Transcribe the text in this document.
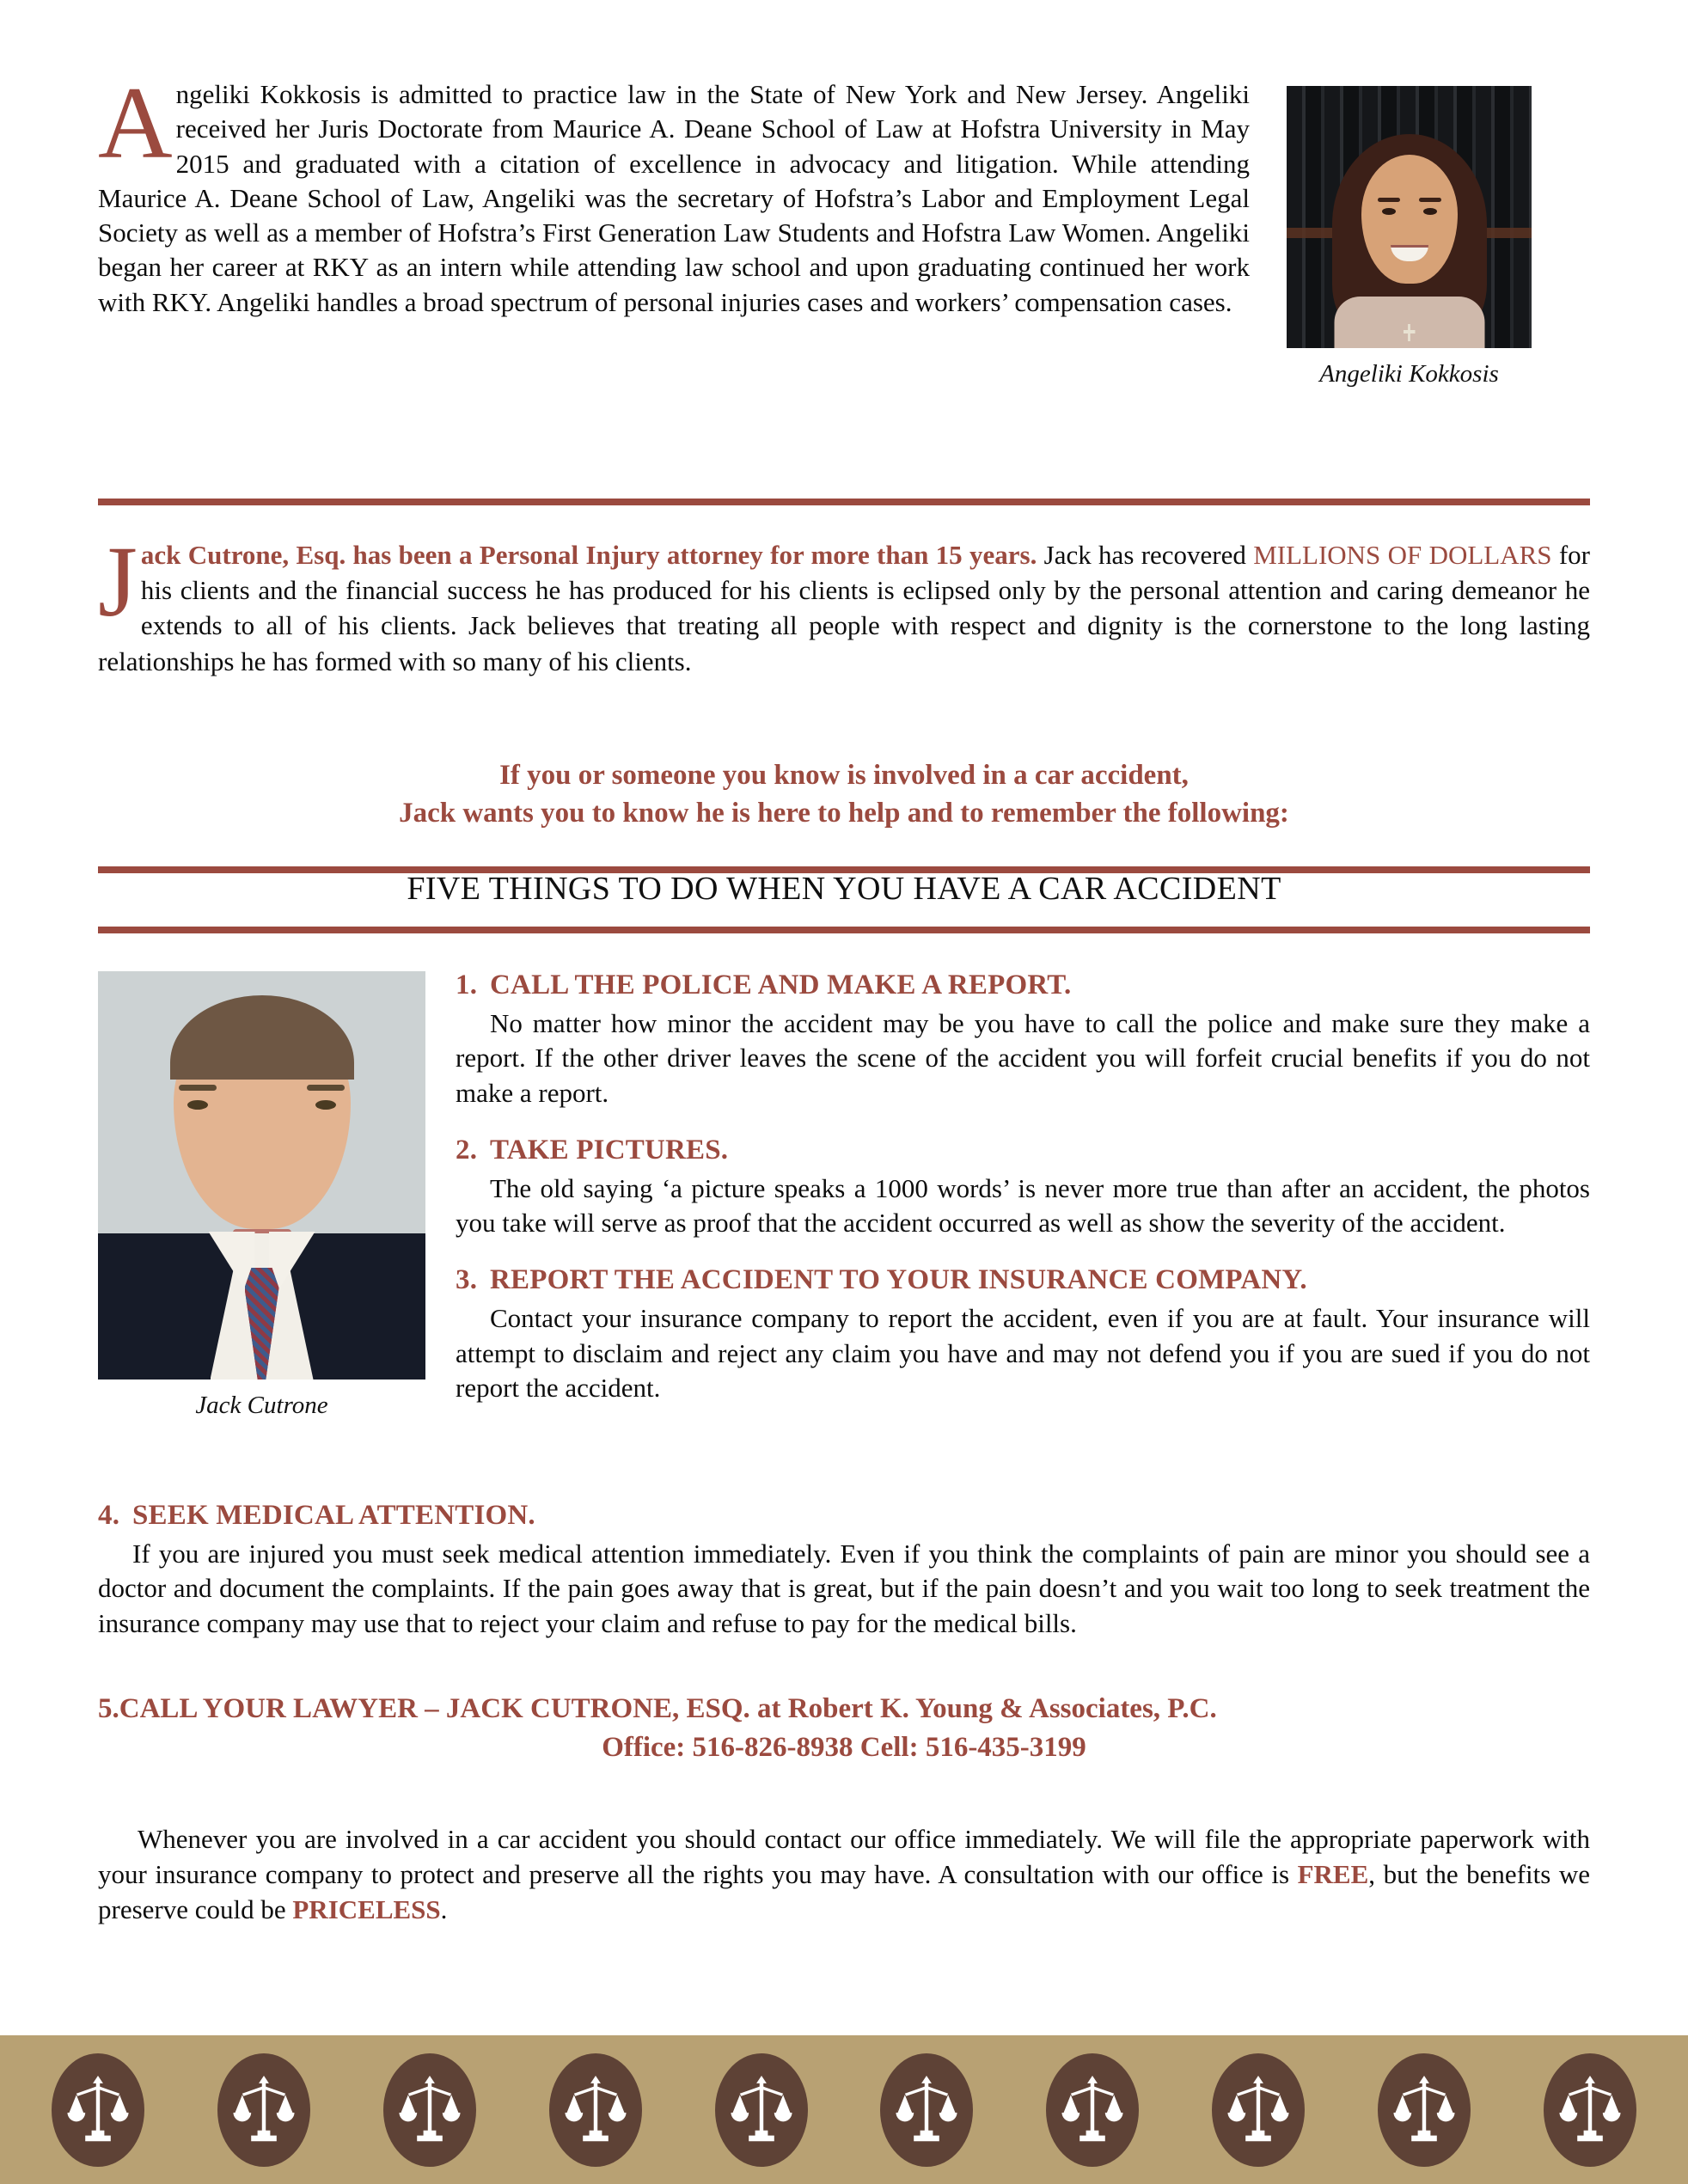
Angeliki Kokkosis is admitted to practice law in the State of New York and New Jersey. Angeliki received her Juris Doctorate from Maurice A. Deane School of Law at Hofstra University in May 2015 and graduated with a citation of excellence in advocacy and litigation. While attending Maurice A. Deane School of Law, Angeliki was the secretary of Hofstra’s Labor and Employment Legal Society as well as a member of Hofstra’s First Generation Law Students and Hofstra Law Women. Angeliki began her career at RKY as an intern while attending law school and upon graduating continued her work with RKY. Angeliki handles a broad spectrum of personal injuries cases and workers’ compensation cases.
Angeliki Kokkosis
Jack Cutrone, Esq. has been a Personal Injury attorney for more than 15 years. Jack has recovered MILLIONS OF DOLLARS for his clients and the financial success he has produced for his clients is eclipsed only by the personal attention and caring demeanor he extends to all of his clients. Jack believes that treating all people with respect and dignity is the cornerstone to the long lasting relationships he has formed with so many of his clients.
If you or someone you know is involved in a car accident,
Jack wants you to know he is here to help and to remember the following:
FIVE THINGS TO DO WHEN YOU HAVE A CAR ACCIDENT
Jack Cutrone

1. CALL THE POLICE AND MAKE A REPORT.

No matter how minor the accident may be you have to call the police and make sure they make a report. If the other driver leaves the scene of the accident you will forfeit crucial benefits if you do not make a report.

2. TAKE PICTURES.

The old saying ‘a picture speaks a 1000 words’ is never more true than after an accident, the photos you take will serve as proof that the accident occurred as well as show the severity of the accident.

3. REPORT THE ACCIDENT TO YOUR INSURANCE COMPANY.

Contact your insurance company to report the accident, even if you are at fault. Your insurance will attempt to disclaim and reject any claim you have and may not defend you if you are sued if you do not report the accident.

4. SEEK MEDICAL ATTENTION.

If you are injured you must seek medical attention immediately. Even if you think the complaints of pain are minor you should see a doctor and document the complaints. If the pain goes away that is great, but if the pain doesn’t and you wait too long to seek treatment the insurance company may use that to reject your claim and refuse to pay for the medical bills.

5.CALL YOUR LAWYER – JACK CUTRONE, ESQ. at Robert K. Young & Associates, P.C.

Office: 516-826-8938 Cell: 516-435-3199

Whenever you are involved in a car accident you should contact our office immediately. We will file the appropriate paperwork with your insurance company to protect and preserve all the rights you may have. A consultation with our office is FREE, but the benefits we preserve could be PRICELESS.
